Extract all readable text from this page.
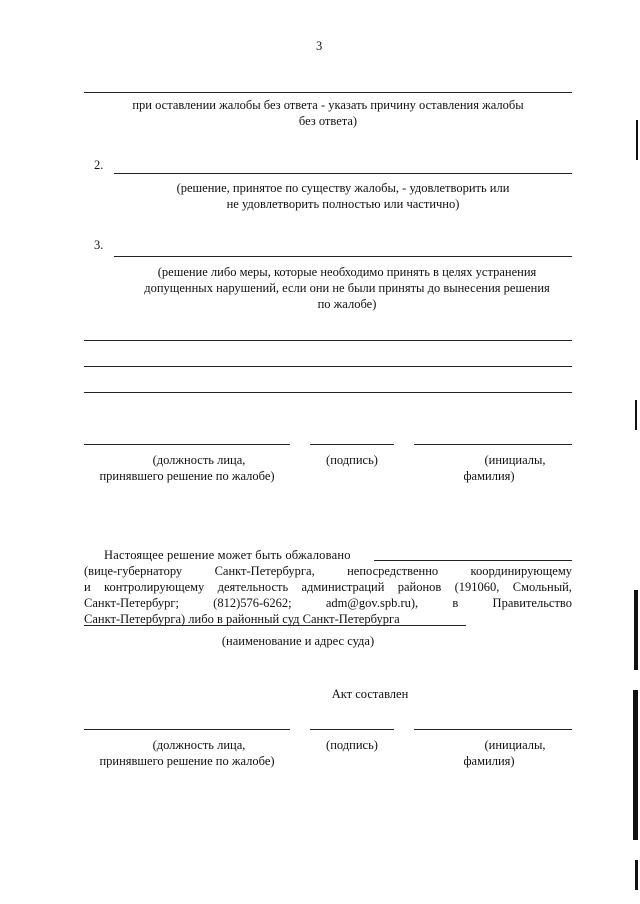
3
при оставлении жалобы без ответа - указать причину оставления жалобы
без ответа)
2.
(решение, принятое по существу жалобы, - удовлетворить или
не удовлетворить полностью или частично)
3.
(решение либо меры, которые необходимо принять в целях устранения
допущенных нарушений, если они не были приняты до вынесения решения
по жалобе)
(должность лица,
принявшего решение по жалобе)
(подпись)	(инициалы,
фамилия)
Настоящее решение может быть обжаловано
(вице-губернатору	Санкт-Петербурга,	непосредственно	координирующему
и контролирующему деятельность администраций районов (191060, Смольный,
Санкт-Петербург;	(812)576-6262;	adm@gov.spb.ru),	в	Правительство
Санкт-Петербурга) либо в районный суд Санкт-Петербурга
(наименование и адрес суда)
Акт составлен
(должность лица,
принявшего решение по жалобе)
(подпись)	(инициалы,
фамилия)
